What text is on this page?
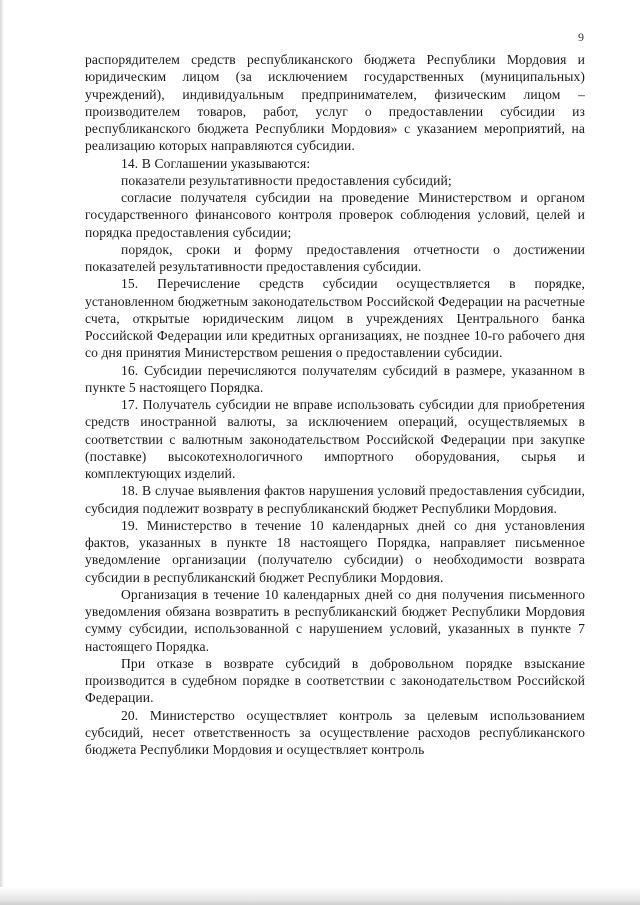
9

распорядителем средств республиканского бюджета Республики Мордовия и юридическим лицом (за исключением государственных (муниципальных) учреждений), индивидуальным предпринимателем, физическим лицом – производителем товаров, работ, услуг о предоставлении субсидии из республиканского бюджета Республики Мордовия» с указанием мероприятий, на реализацию которых направляются субсидии.

14. В Соглашении указываются:

показатели результативности предоставления субсидий;

согласие получателя субсидии на проведение Министерством и органом государственного финансового контроля проверок соблюдения условий, целей и порядка предоставления субсидии;

порядок, сроки и форму предоставления отчетности о достижении показателей результативности предоставления субсидии.

15. Перечисление средств субсидии осуществляется в порядке, установленном бюджетным законодательством Российской Федерации на расчетные счета, открытые юридическим лицом в учреждениях Центрального банка Российской Федерации или кредитных организациях, не позднее 10-го рабочего дня со дня принятия Министерством решения о предоставлении субсидии.

16. Субсидии перечисляются получателям субсидий в размере, указанном в пункте 5 настоящего Порядка.

17. Получатель субсидии не вправе использовать субсидии для приобретения средств иностранной валюты, за исключением операций, осуществляемых в соответствии с валютным законодательством Российской Федерации при закупке (поставке) высокотехнологичного импортного оборудования, сырья и комплектующих изделий.

18. В случае выявления фактов нарушения условий предоставления субсидии, субсидия подлежит возврату в республиканский бюджет Республики Мордовия.

19. Министерство в течение 10 календарных дней со дня установления фактов, указанных в пункте 18 настоящего Порядка, направляет письменное уведомление организации (получателю субсидии) о необходимости возврата субсидии в республиканский бюджет Республики Мордовия.

Организация в течение 10 календарных дней со дня получения письменного уведомления обязана возвратить в республиканский бюджет Республики Мордовия сумму субсидии, использованной с нарушением условий, указанных в пункте 7 настоящего Порядка.

При отказе в возврате субсидий в добровольном порядке взыскание производится в судебном порядке в соответствии с законодательством Российской Федерации.

20. Министерство осуществляет контроль за целевым использованием субсидий, несет ответственность за осуществление расходов республиканского бюджета Республики Мордовия и осуществляет контроль
